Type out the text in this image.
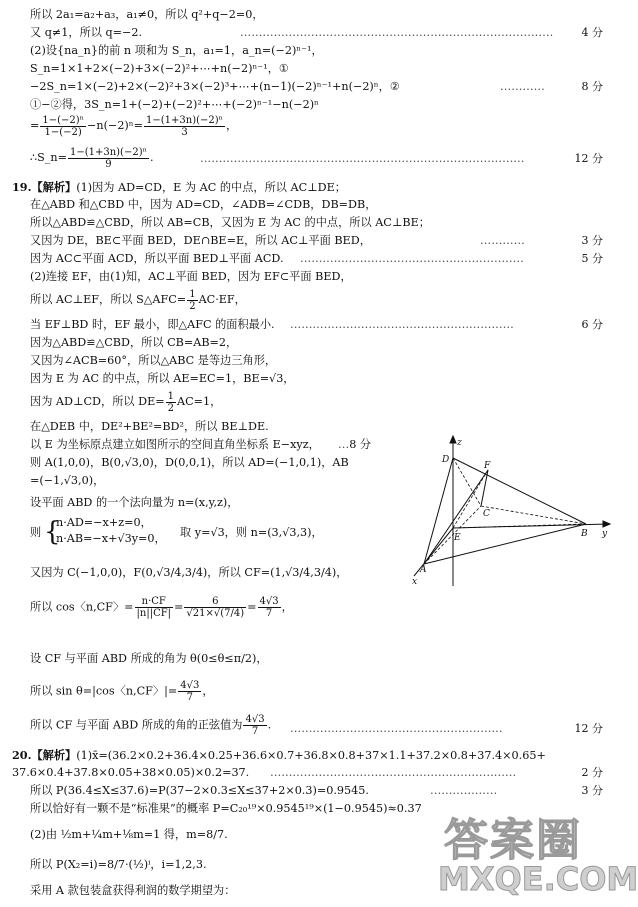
所以 2a₁=a₂+a₃，a₁≠0，所以 q²+q−2=0，
又 q≠1，所以 q=−2.	…………………………………………………………………………	4 分
(2)设{na_n}的前 n 项和为 S_n，a₁=1，a_n=(−2)ⁿ⁻¹，
S_n=1×1+2×(−2)+3×(−2)²+⋯+n(−2)ⁿ⁻¹，①
−2S_n=1×(−2)+2×(−2)²+3×(−2)³+⋯+(n−1)(−2)ⁿ⁻¹+n(−2)ⁿ，②	…………	8 分
①−②得，3S_n=1+(−2)+(−2)²+⋯+(−2)ⁿ⁻¹−n(−2)ⁿ
= $\frac{\text{1−(−2)ⁿ}}{1-(-2)} -n(-2)^n= \frac{\text{1−(1+3n)(−2)ⁿ}}{3}$ ，
∴S_n= $\frac{\text{1−(1+3n)(−2)ⁿ}}{9}$ .	……………………………………………………………………………	12 分
19.【解析】(1)因为 AD=CD，E 为 AC 的中点，所以 AC⊥DE；
在△ABD 和△CBD 中，因为 AD=CD，∠ADB=∠CDB，DB=DB，
所以△ABD≌△CBD，所以 AB=CB，又因为 E 为 AC 的中点，所以 AC⊥BE；
又因为 DE，BE⊂平面 BED，DE∩BE=E，所以 AC⊥平面 BED，	…………	3 分
因为 AC⊂平面 ACD，所以平面 BED⊥平面 ACD.	……………………………………………………	5 分
(2)连接 EF，由(1)知，AC⊥平面 BED，因为 EF⊂平面 BED，
所以 AC⊥EF，所以 S△AFC= $\frac{1}{2} AC\cdot EF$，
当 EF⊥BD 时，EF 最小，即△AFC 的面积最小.	……………………………………………………	6 分
因为△ABD≌△CBD，所以 CB=AB=2，
又因为∠ACB=60°，所以△ABC 是等边三角形，
因为 E 为 AC 的中点，所以 AE=EC=1，BE=√3，
因为 AD⊥CD，所以 $DE= \frac{1}{2} AC=1$，
在△DEB 中，DE²+BE²=BD²，所以 BE⊥DE.
以 E 为坐标原点建立如图所示的空间直角坐标系 E−xyz，	…8 分
则 A(1,0,0)，B(0,√3,0)，D(0,0,1)，所以 AD=(−1,0,1)，AB
=(−1,√3,0)，
设平面 ABD 的一个法向量为 n=(x,y,z)，
则 {
n·AD=−x+z=0，
n·AB=−x+√3y=0， 取 y=√3，则 n=(3,√3,3)，
又因为 C(−1,0,0)，F(0,√3/4,3/4)，所以 CF=(1,√3/4,3/4)，
所以 cos〈n,CF〉= $\frac{n\cdot CF}{|n||CF|} = \frac{6}{√21\times√(7/4)} = \frac{4√3}{7}$ ，
设 CF 与平面 ABD 所成的角为 θ(0≤θ≤π/2)，
所以 sin θ=|cos〈n,CF〉|= $\frac{4√3}{7}$ ，
所以 CF 与平面 ABD 所成的角的正弦值为 $\frac{4√3}{7}$ .	…………………………………………………	12 分
20.【解析】(1)x̄=(36.2×0.2+36.4×0.25+36.6×0.7+36.8×0.8+37×1.1+37.2×0.8+37.4×0.65+
37.6×0.4+37.8×0.05+38×0.05)×0.2=37.	…………………………………………………………	2 分
所以 P(36.4≤X≤37.6)=P(37−2×0.3≤X≤37+2×0.3)=0.9545.	………………	3 分
所以恰好有一颗不是“标准果”的概率 P=C₂₀¹⁹×0.9545¹⁹×(1−0.9545)≈0.37
(2)由 ½m+¼m+⅛m=1 得，m=8/7.
所以 P(X₂=i)=8/7·(½)ⁱ，i=1,2,3.
采用 A 款包装盒获得利润的数学期望为：
z
D
F
C
E	B y
A
x
答案圈
MXQE.COM
